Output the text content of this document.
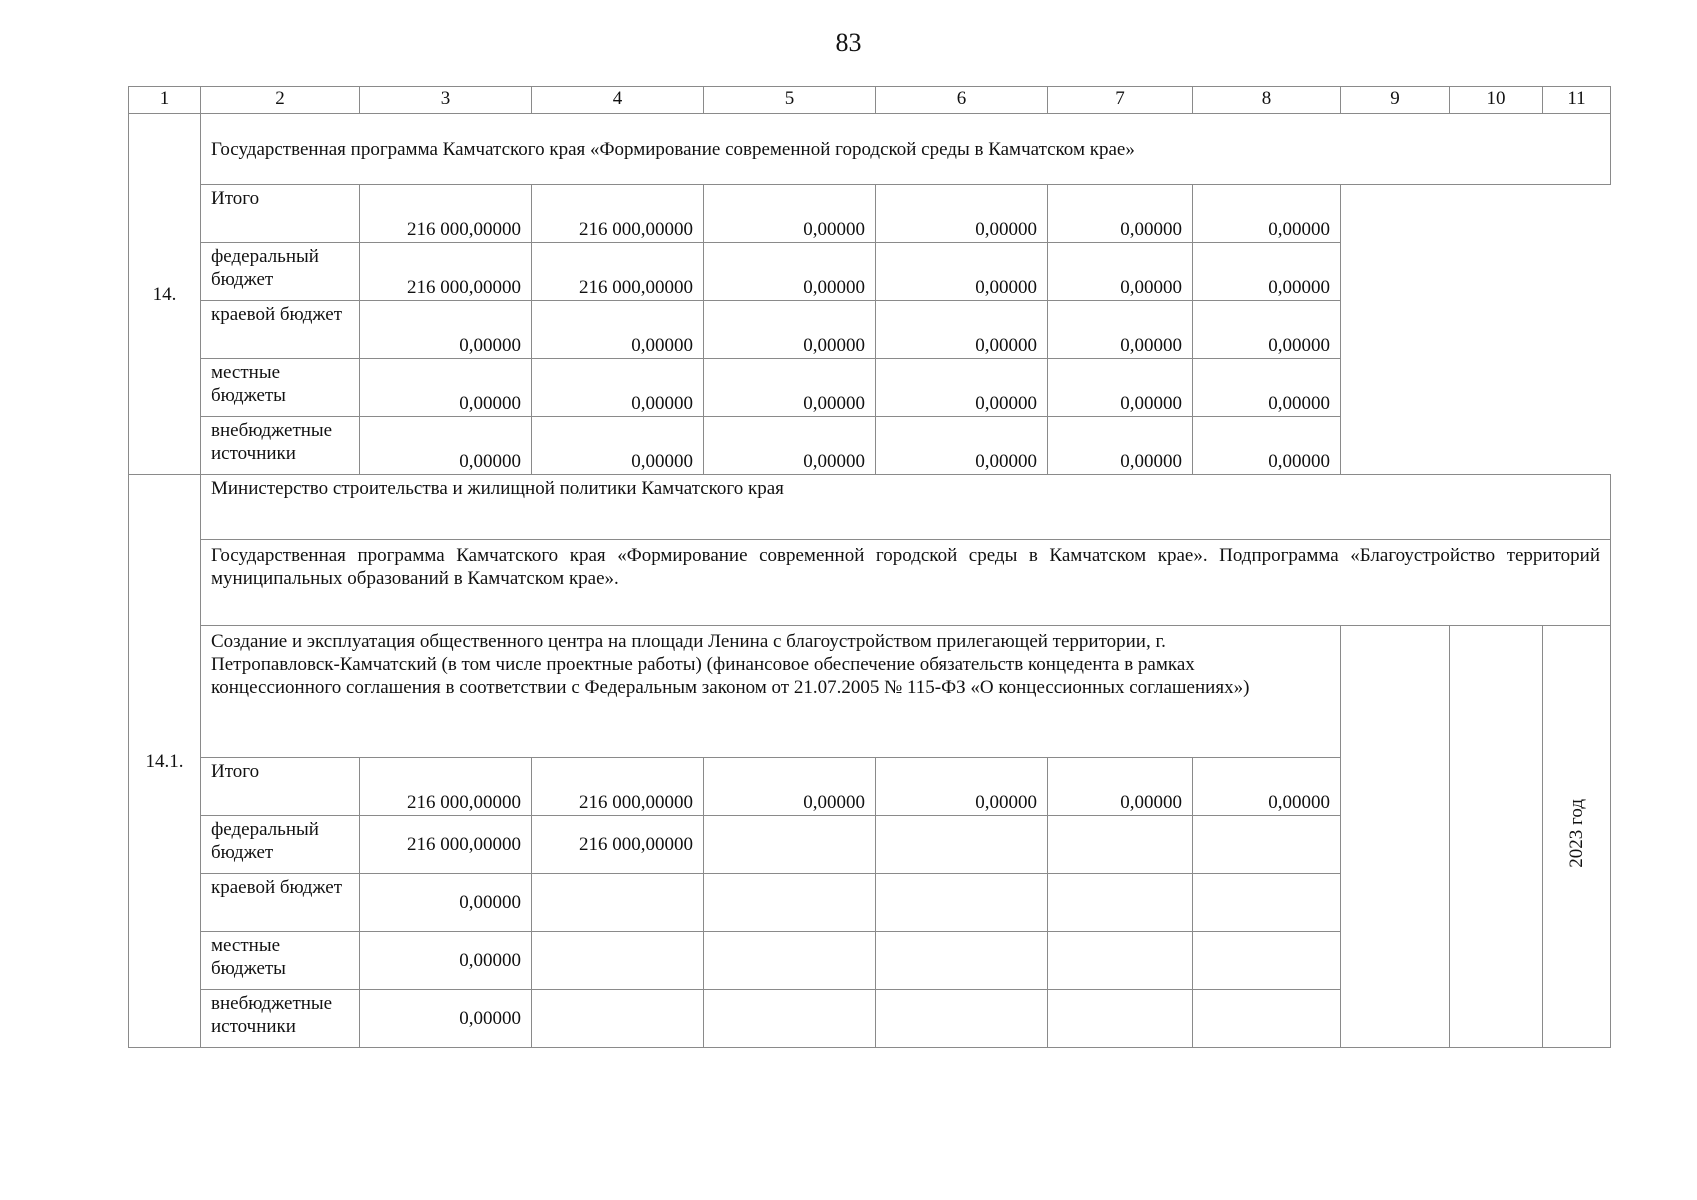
83
1	2	3	4	5	6	7	8	9	10	11
14.	Государственная программа Камчатского края «Формирование современной городской среды в Камчатском крае»									
	Итого	216 000,00000	216 000,00000	0,00000	0,00000	0,00000	0,00000			
	федеральный бюджет	216 000,00000	216 000,00000	0,00000	0,00000	0,00000	0,00000			
	краевой бюджет	0,00000	0,00000	0,00000	0,00000	0,00000	0,00000			
	местные бюджеты	0,00000	0,00000	0,00000	0,00000	0,00000	0,00000			
	внебюджетные источники	0,00000	0,00000	0,00000	0,00000	0,00000	0,00000			
14.1.	Министерство строительства и жилищной политики Камчатского края									
	Государственная программа Камчатского края «Формирование современной городской среды в Камчатском крае». Подпрограмма «Благоустройство территорий муниципальных образований в Камчатском крае».									
	Создание и эксплуатация общественного центра на площади Ленина с благоустройством прилегающей территории, г. Петропавловск-Камчатский (в том числе проектные работы) (финансовое обеспечение обязательств концедента в рамках концессионного соглашения в соответствии с Федеральным законом от 21.07.2005 № 115-ФЗ «О концессионных соглашениях»)									2023 год
	Итого	216 000,00000	216 000,00000	0,00000	0,00000	0,00000	0,00000			
	федеральный бюджет	216 000,00000	216 000,00000							
	краевой бюджет	0,00000								
	местные бюджеты	0,00000								
	внебюджетные источники	0,00000								
